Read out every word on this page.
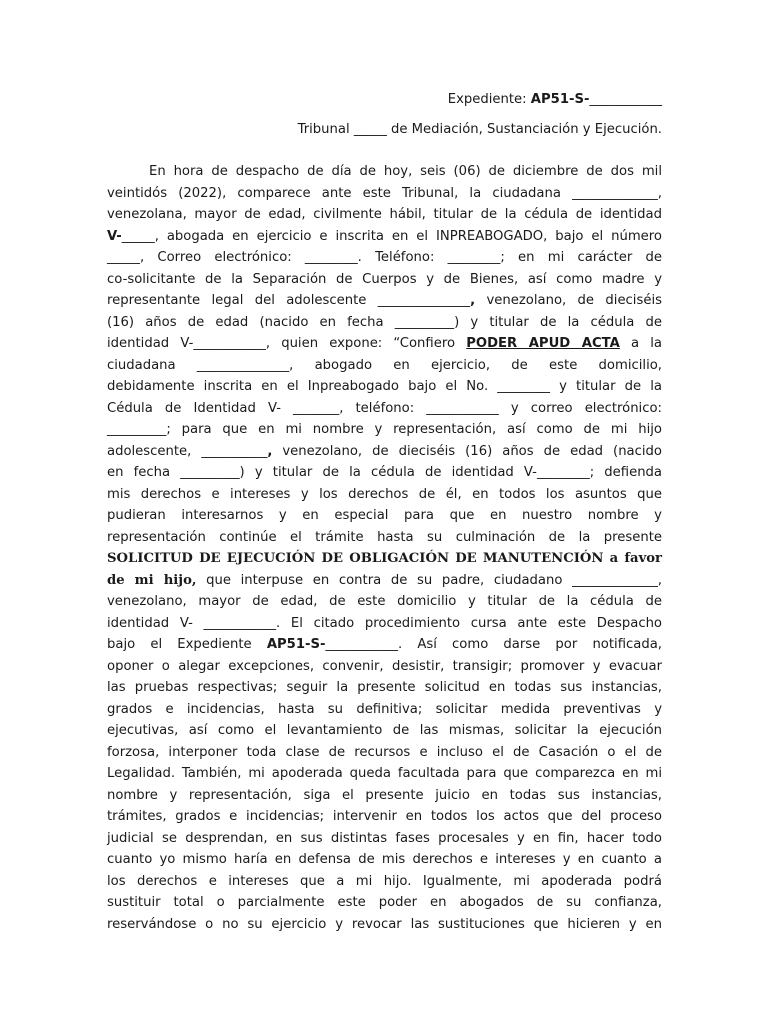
Expediente: AP51-S-___________
Tribunal _____ de Mediación, Sustanciación y Ejecución.
En hora de despacho de día de hoy, seis (06) de diciembre de dos mil
veintidós (2022), comparece ante este Tribunal, la ciudadana _____________,
venezolana, mayor de edad, civilmente hábil, titular de la cédula de identidad
V-_____, abogada en ejercicio e inscrita en el INPREABOGADO, bajo el número
_____, Correo electrónico: ________. Teléfono: ________; en mi carácter de
co-solicitante de la Separación de Cuerpos y de Bienes, así como madre y
representante legal del adolescente ______________, venezolano, de dieciséis
(16) años de edad (nacido en fecha _________) y titular de la cédula de
identidad V-___________, quien expone: “Confiero PODER APUD ACTA a la
ciudadana ______________, abogado en ejercicio, de este domicilio,
debidamente inscrita en el Inpreabogado bajo el No. ________ y titular de la
Cédula de Identidad V- _______, teléfono: ___________ y correo electrónico:
_________; para que en mi nombre y representación, así como de mi hijo
adolescente, __________, venezolano, de dieciséis (16) años de edad (nacido
en fecha _________) y titular de la cédula de identidad V-________; defienda
mis derechos e intereses y los derechos de él, en todos los asuntos que
pudieran interesarnos y en especial para que en nuestro nombre y
representación continúe el trámite hasta su culminación de la presente
SOLICITUD DE EJECUCIÓN DE OBLIGACIÓN DE MANUTENCIÓN a favor
de mi hijo, que interpuse en contra de su padre, ciudadano _____________,
venezolano, mayor de edad, de este domicilio y titular de la cédula de
identidad V- ___________. El citado procedimiento cursa ante este Despacho
bajo el Expediente AP51-S-___________. Así como darse por notificada,
oponer o alegar excepciones, convenir, desistir, transigir; promover y evacuar
las pruebas respectivas; seguir la presente solicitud en todas sus instancias,
grados e incidencias, hasta su definitiva; solicitar medida preventivas y
ejecutivas, así como el levantamiento de las mismas, solicitar la ejecución
forzosa, interponer toda clase de recursos e incluso el de Casación o el de
Legalidad. También, mi apoderada queda facultada para que comparezca en mi
nombre y representación, siga el presente juicio en todas sus instancias,
trámites, grados e incidencias; intervenir en todos los actos que del proceso
judicial se desprendan, en sus distintas fases procesales y en fin, hacer todo
cuanto yo mismo haría en defensa de mis derechos e intereses y en cuanto a
los derechos e intereses que a mi hijo. Igualmente, mi apoderada podrá
sustituir total o parcialmente este poder en abogados de su confianza,
reservándose o no su ejercicio y revocar las sustituciones que hicieren y en
